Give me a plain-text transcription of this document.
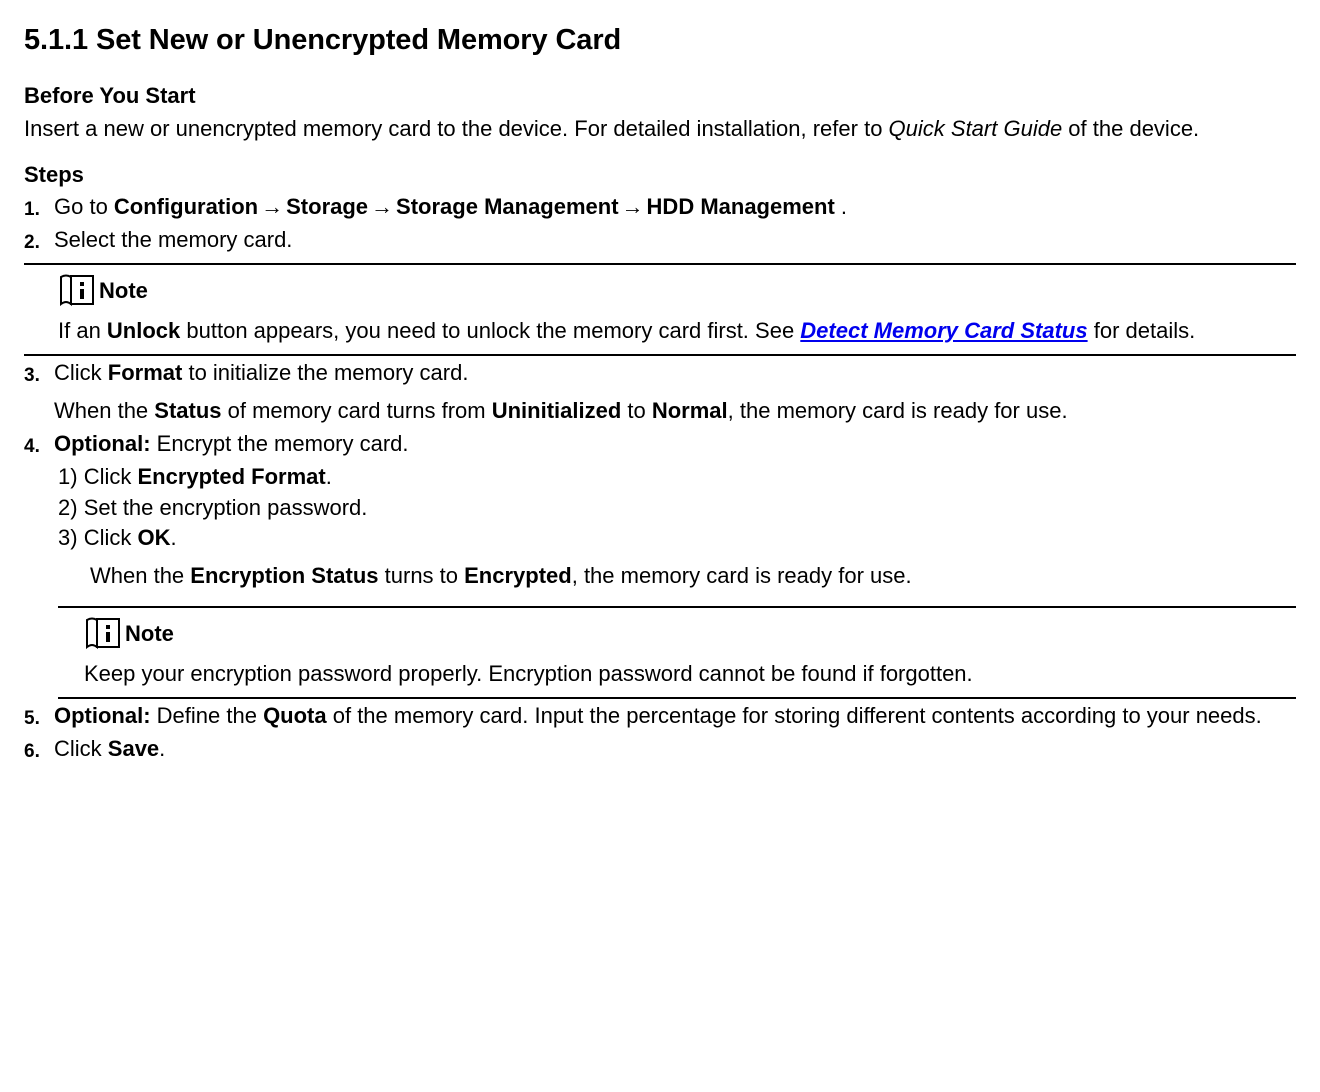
5.1.1 Set New or Unencrypted Memory Card
Before You Start

Insert a new or unencrypted memory card to the device. For detailed installation, refer to Quick Start Guide of the device.

Steps
1. Go to Configuration → Storage → Storage Management → HDD Management .
2. Select the memory card.
Note
If an Unlock button appears, you need to unlock the memory card first. See Detect Memory Card Status for details.
3. Click Format to initialize the memory card.
When the Status of memory card turns from Uninitialized to Normal, the memory card is ready for use.
4. Optional: Encrypt the memory card.
1) Click Encrypted Format.
2) Set the encryption password.
3) Click OK.
When the Encryption Status turns to Encrypted, the memory card is ready for use.
Note
Keep your encryption password properly. Encryption password cannot be found if forgotten.
5. Optional: Define the Quota of the memory card. Input the percentage for storing different contents according to your needs.
6. Click Save.
